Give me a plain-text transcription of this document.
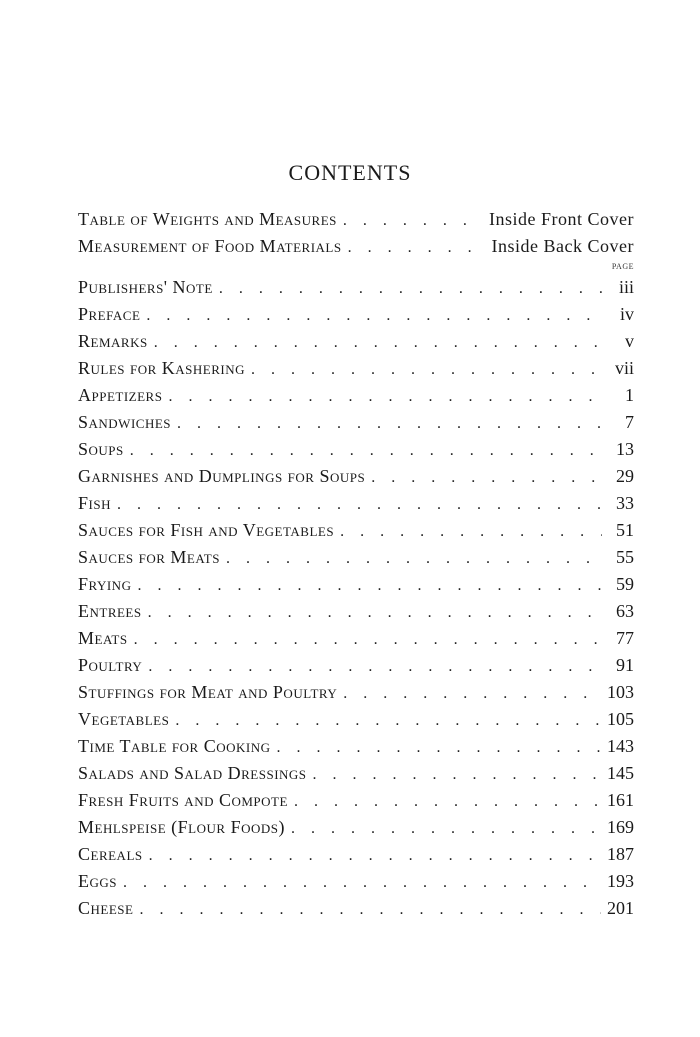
CONTENTS
Table of Weights and Measures . . .	Inside Front Cover
Measurement of Food Materials . . .	Inside Back Cover
PAGE
Publishers' Note . . .	iii
Preface . . .	iv
Remarks . . .	v
Rules for Kashering . . .	vii
Appetizers . . .	1
Sandwiches . . .	7
Soups . . .	13
Garnishes and Dumplings for Soups . . .	29
Fish . . .	33
Sauces for Fish and Vegetables . . .	51
Sauces for Meats . . .	55
Frying . . .	59
Entrees . . .	63
Meats . . .	77
Poultry . . .	91
Stuffings for Meat and Poultry . . .	103
Vegetables . . .	105
Time Table for Cooking . . .	143
Salads and Salad Dressings . . .	145
Fresh Fruits and Compote . . .	161
Mehlspeise (Flour Foods) . . .	169
Cereals . . .	187
Eggs . . .	193
Cheese . . .	201
